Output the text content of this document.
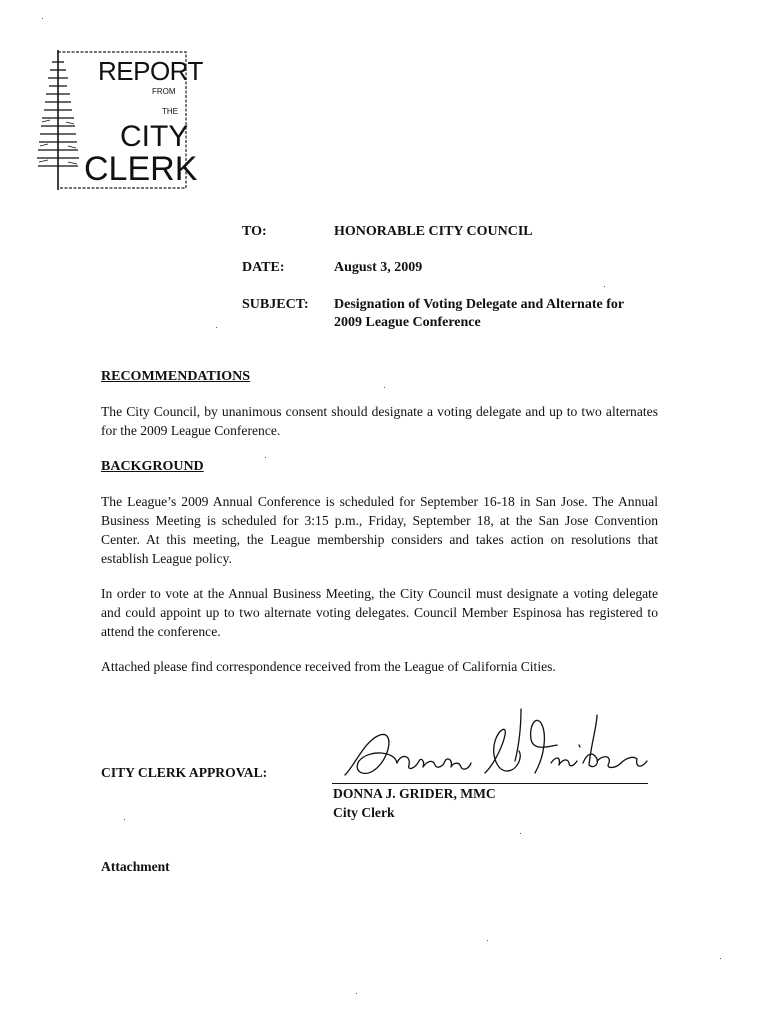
REPORT
FROM
THE
CITY
CLERK
TO:	HONORABLE CITY COUNCIL
DATE:	August 3, 2009
SUBJECT: Designation of Voting Delegate and Alternate for
2009 League Conference
RECOMMENDATIONS
The City Council, by unanimous consent should designate a voting delegate and up to two alternates for the 2009 League Conference.
BACKGROUND
The League’s 2009 Annual Conference is scheduled for September 16-18 in San Jose. The Annual Business Meeting is scheduled for 3:15 p.m., Friday, September 18, at the San Jose Convention Center. At this meeting, the League membership considers and takes action on resolutions that establish League policy.
In order to vote at the Annual Business Meeting, the City Council must designate a voting delegate and could appoint up to two alternate voting delegates. Council Member Espinosa has registered to attend the conference.
Attached please find correspondence received from the League of California Cities.
CITY CLERK APPROVAL:
DONNA J. GRIDER, MMC
City Clerk
Attachment
